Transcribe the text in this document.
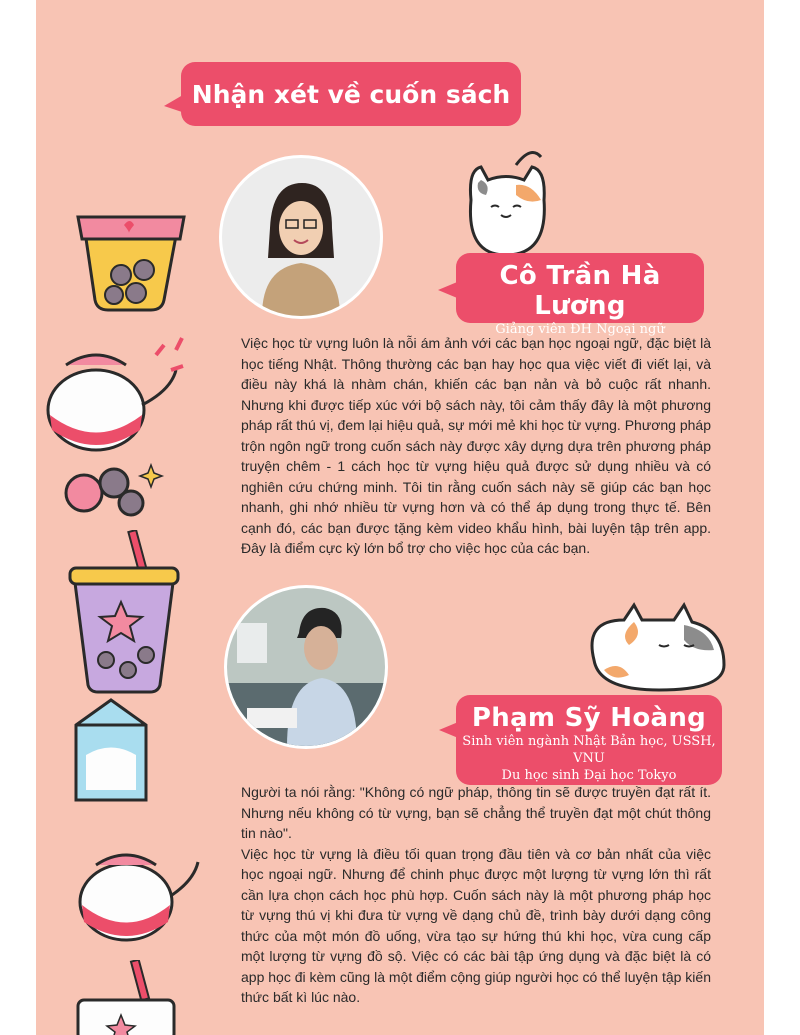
Nhận xét về cuốn sách
Cô Trần Hà Lương
Giảng viên ĐH Ngoại ngữ

Việc học từ vựng luôn là nỗi ám ảnh với các bạn học ngoại ngữ, đặc biệt là học tiếng Nhật. Thông thường các bạn hay học qua việc viết đi viết lại, và điều này khá là nhàm chán, khiến các bạn nản và bỏ cuộc rất nhanh. Nhưng khi được tiếp xúc với bộ sách này, tôi cảm thấy đây là một phương pháp rất thú vị, đem lại hiệu quả, sự mới mẻ khi học từ vựng. Phương pháp trộn ngôn ngữ trong cuốn sách này được xây dựng dựa trên phương pháp truyện chêm - 1 cách học từ vựng hiệu quả được sử dụng nhiều và có nghiên cứu chứng minh. Tôi tin rằng cuốn sách này sẽ giúp các bạn học nhanh, ghi nhớ nhiều từ vựng hơn và có thể áp dụng trong thực tế. Bên cạnh đó, các bạn được tặng kèm video khẩu hình, bài luyện tập trên app. Đây là điểm cực kỳ lớn bổ trợ cho việc học của các bạn.

Phạm Sỹ Hoàng
Sinh viên ngành Nhật Bản học, USSH, VNU
Du học sinh Đại học Tokyo

Người ta nói rằng: "Không có ngữ pháp, thông tin sẽ được truyền đạt rất ít. Nhưng nếu không có từ vựng, bạn sẽ chẳng thể truyền đạt một chút thông tin nào".

Việc học từ vựng là điều tối quan trọng đầu tiên và cơ bản nhất của việc học ngoại ngữ. Nhưng để chinh phục được một lượng từ vựng lớn thì rất cần lựa chọn cách học phù hợp. Cuốn sách này là một phương pháp học từ vựng thú vị khi đưa từ vựng về dạng chủ đề, trình bày dưới dạng công thức của một món đồ uống, vừa tạo sự hứng thú khi học, vừa cung cấp một lượng từ vựng đồ sộ. Việc có các bài tập ứng dụng và đặc biệt là có app học đi kèm cũng là một điểm cộng giúp người học có thể luyện tập kiến thức bất kì lúc nào.
